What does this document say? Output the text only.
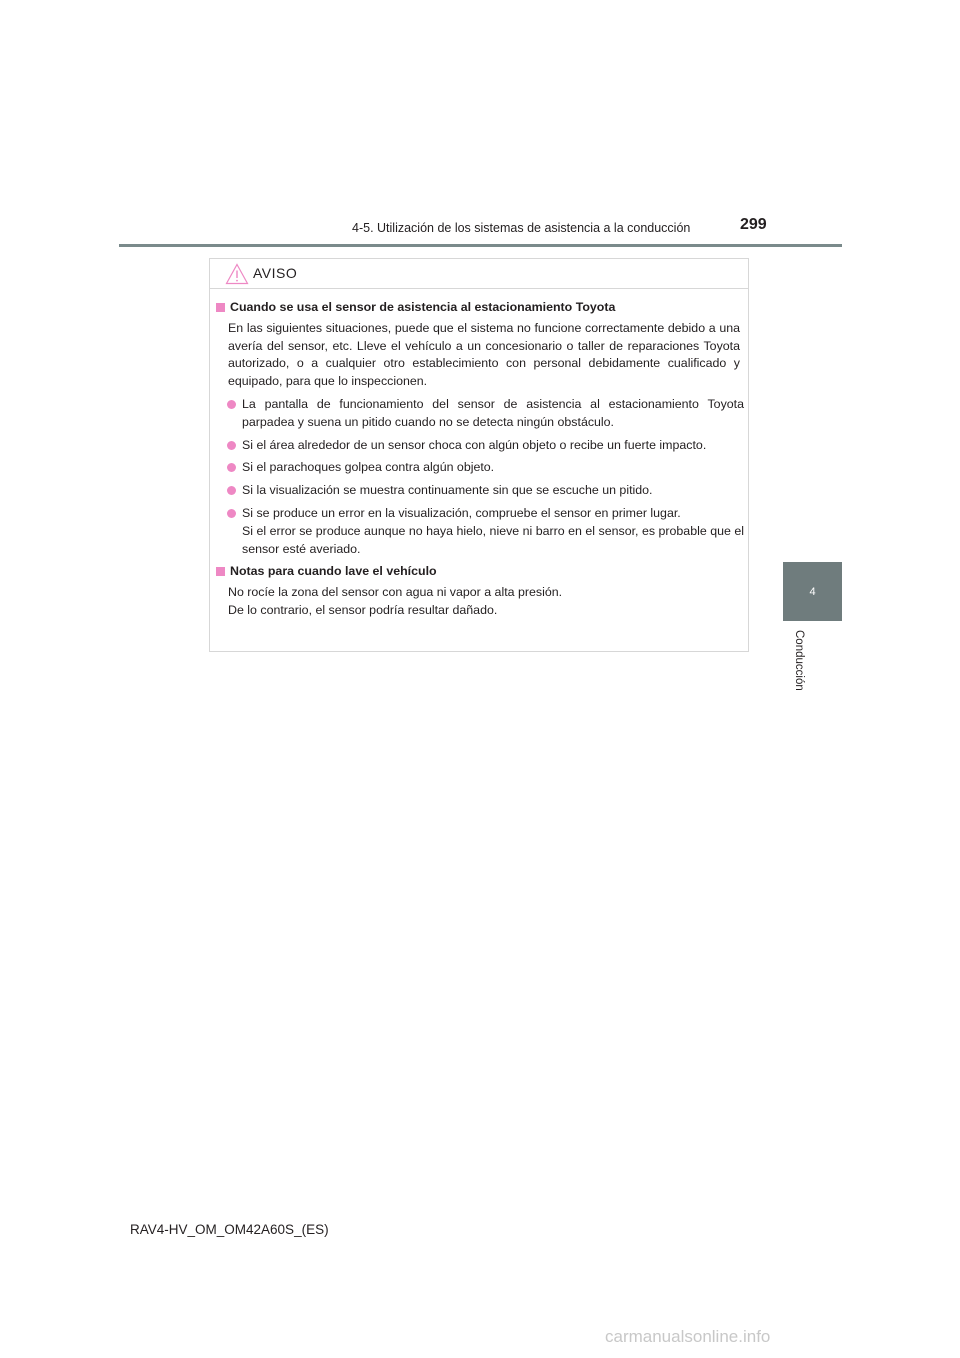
4-5. Utilización de los sistemas de asistencia a la conducción	299
4
Conducción
AVISO
Cuando se usa el sensor de asistencia al estacionamiento Toyota
En las siguientes situaciones, puede que el sistema no funcione correctamente debido a una avería del sensor, etc. Lleve el vehículo a un concesionario o taller de reparaciones Toyota autorizado, o a cualquier otro establecimiento con personal debidamente cualificado y equipado, para que lo inspeccionen.
La pantalla de funcionamiento del sensor de asistencia al estacionamiento Toyota parpadea y suena un pitido cuando no se detecta ningún obstáculo.
Si el área alrededor de un sensor choca con algún objeto o recibe un fuerte impacto.
Si el parachoques golpea contra algún objeto.
Si la visualización se muestra continuamente sin que se escuche un pitido.
Si se produce un error en la visualización, compruebe el sensor en primer lugar.
Si el error se produce aunque no haya hielo, nieve ni barro en el sensor, es probable que el sensor esté averiado.
Notas para cuando lave el vehículo
No rocíe la zona del sensor con agua ni vapor a alta presión.
De lo contrario, el sensor podría resultar dañado.
RAV4-HV_OM_OM42A60S_(ES)
carmanualsonline.info
